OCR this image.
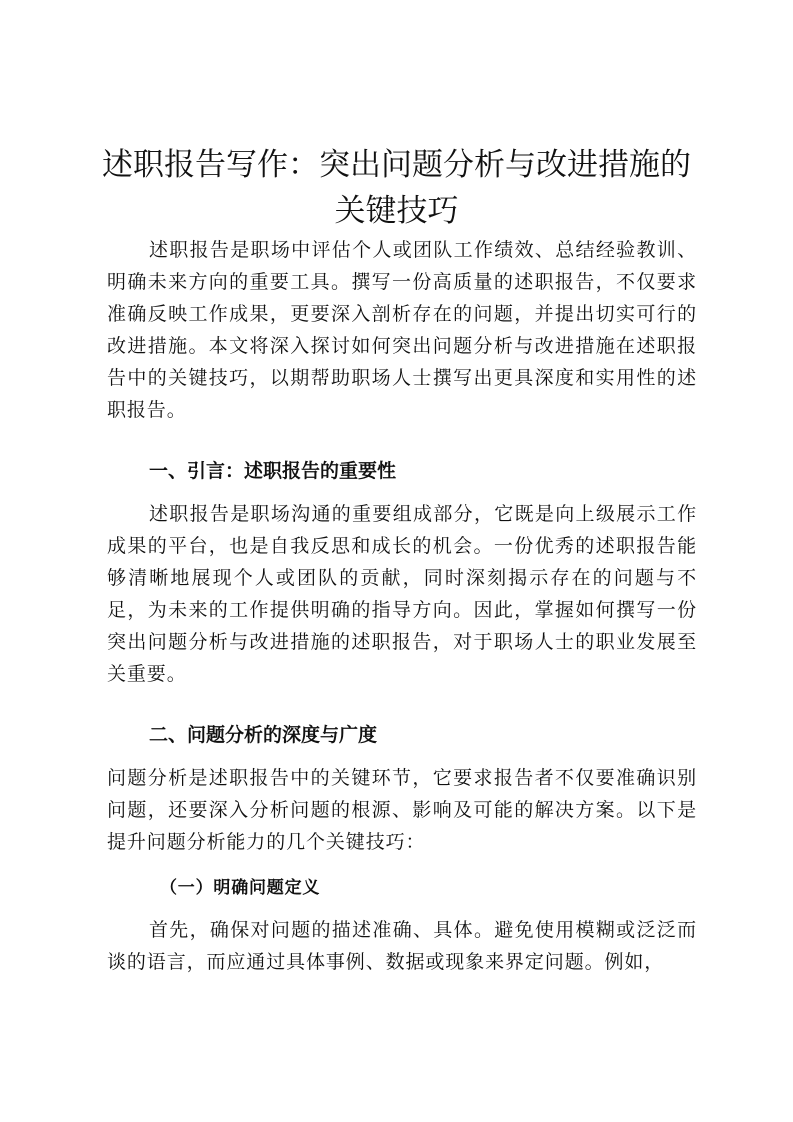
述职报告写作：突出问题分析与改进措施的关键技巧

述职报告是职场中评估个人或团队工作绩效、总结经验教训、明确未来方向的重要工具。撰写一份高质量的述职报告，不仅要求准确反映工作成果，更要深入剖析存在的问题，并提出切实可行的改进措施。本文将深入探讨如何突出问题分析与改进措施在述职报告中的关键技巧，以期帮助职场人士撰写出更具深度和实用性的述职报告。

一、引言：述职报告的重要性

述职报告是职场沟通的重要组成部分，它既是向上级展示工作成果的平台，也是自我反思和成长的机会。一份优秀的述职报告能够清晰地展现个人或团队的贡献，同时深刻揭示存在的问题与不足，为未来的工作提供明确的指导方向。因此，掌握如何撰写一份突出问题分析与改进措施的述职报告，对于职场人士的职业发展至关重要。

二、问题分析的深度与广度

问题分析是述职报告中的关键环节，它要求报告者不仅要准确识别问题，还要深入分析问题的根源、影响及可能的解决方案。以下是提升问题分析能力的几个关键技巧：

（一）明确问题定义

首先，确保对问题的描述准确、具体。避免使用模糊或泛泛而谈的语言，而应通过具体事例、数据或现象来界定问题。例如，
